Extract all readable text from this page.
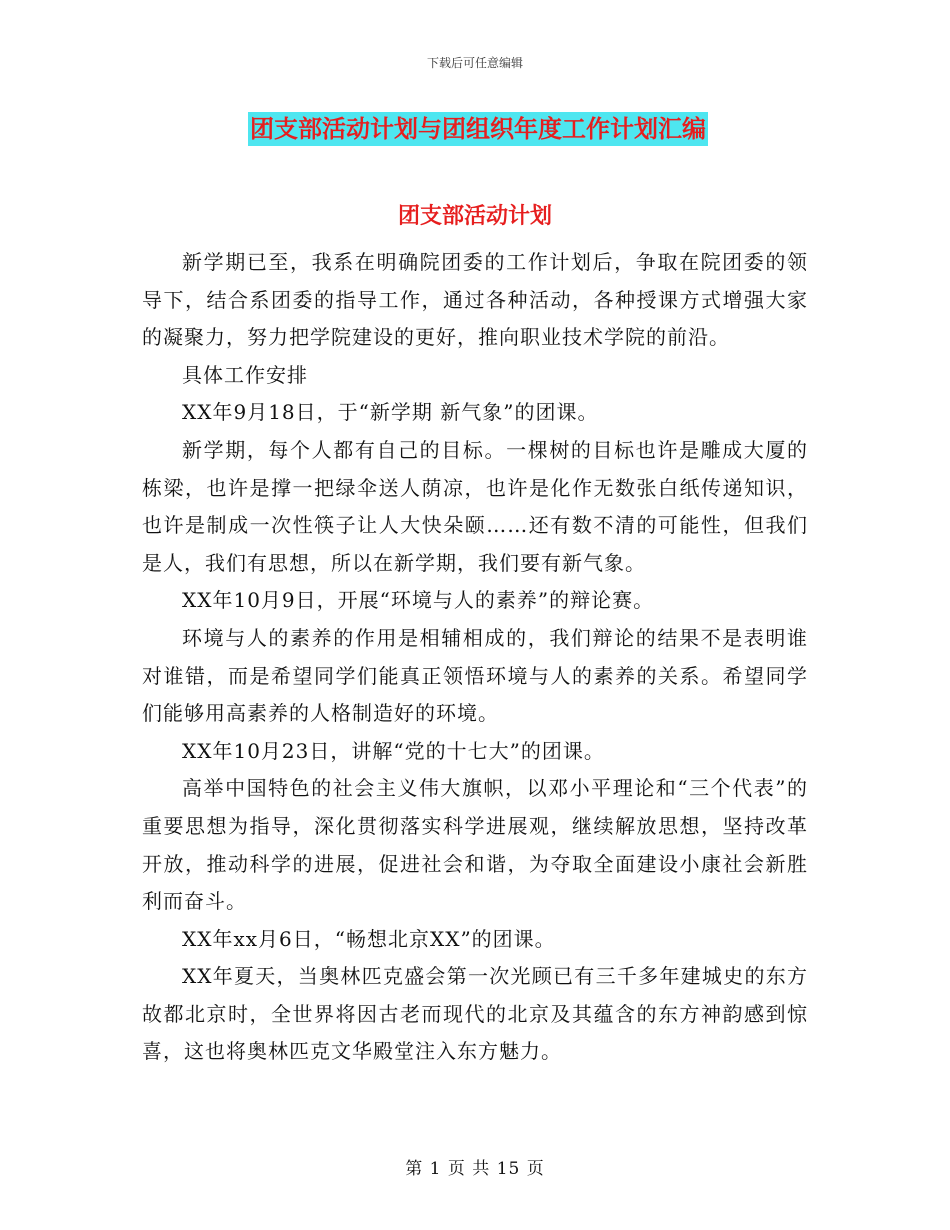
下载后可任意编辑
团支部活动计划与团组织年度工作计划汇编
团支部活动计划

新学期已至，我系在明确院团委的工作计划后，争取在院团委的领导下，结合系团委的指导工作，通过各种活动，各种授课方式增强大家的凝聚力，努力把学院建设的更好，推向职业技术学院的前沿。

具体工作安排

XX年9月18日，于“新学期 新气象”的团课。

新学期，每个人都有自己的目标。一棵树的目标也许是雕成大厦的栋梁，也许是撑一把绿伞送人荫凉，也许是化作无数张白纸传递知识，也许是制成一次性筷子让人大快朵颐……还有数不清的可能性，但我们是人，我们有思想，所以在新学期，我们要有新气象。

XX年10月9日，开展“环境与人的素养”的辩论赛。

环境与人的素养的作用是相辅相成的，我们辩论的结果不是表明谁对谁错，而是希望同学们能真正领悟环境与人的素养的关系。希望同学们能够用高素养的人格制造好的环境。

XX年10月23日，讲解“党的十七大”的团课。

高举中国特色的社会主义伟大旗帜，以邓小平理论和“三个代表”的重要思想为指导，深化贯彻落实科学进展观，继续解放思想，坚持改革开放，推动科学的进展，促进社会和谐，为夺取全面建设小康社会新胜利而奋斗。

XX年xx月6日，“畅想北京XX”的团课。

XX年夏天，当奥林匹克盛会第一次光顾已有三千多年建城史的东方故都北京时，全世界将因古老而现代的北京及其蕴含的东方神韵感到惊喜，这也将奥林匹克文华殿堂注入东方魅力。

第 1 页 共 15 页
